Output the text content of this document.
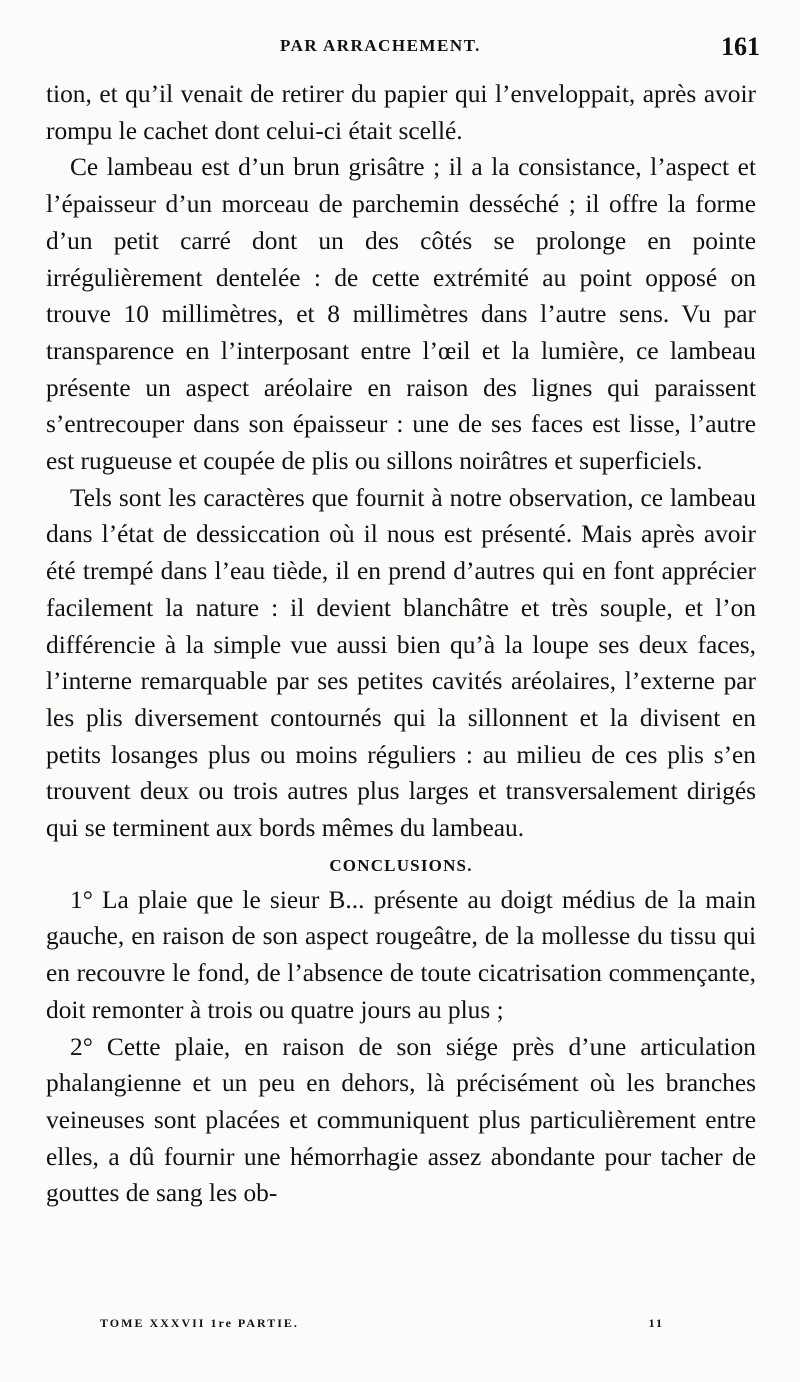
PAR ARRACHEMENT.	161

tion, et qu’il venait de retirer du papier qui l’enveloppait, après avoir rompu le cachet dont celui-ci était scellé.

Ce lambeau est d’un brun grisâtre ; il a la consistance, l’aspect et l’épaisseur d’un morceau de parchemin desséché ; il offre la forme d’un petit carré dont un des côtés se prolonge en pointe irrégulièrement dentelée : de cette extrémité au point opposé on trouve 10 millimètres, et 8 millimètres dans l’autre sens. Vu par transparence en l’interposant entre l’œil et la lumière, ce lambeau présente un aspect aréolaire en raison des lignes qui paraissent s’entrecouper dans son épaisseur : une de ses faces est lisse, l’autre est rugueuse et coupée de plis ou sillons noirâtres et superficiels.

Tels sont les caractères que fournit à notre observation, ce lambeau dans l’état de dessiccation où il nous est présenté. Mais après avoir été trempé dans l’eau tiède, il en prend d’autres qui en font apprécier facilement la nature : il devient blanchâtre et très souple, et l’on différencie à la simple vue aussi bien qu’à la loupe ses deux faces, l’interne remarquable par ses petites cavités aréolaires, l’externe par les plis diversement contournés qui la sillonnent et la divisent en petits losanges plus ou moins réguliers : au milieu de ces plis s’en trouvent deux ou trois autres plus larges et transversalement dirigés qui se terminent aux bords mêmes du lambeau.

CONCLUSIONS.

1° La plaie que le sieur B... présente au doigt médius de la main gauche, en raison de son aspect rougeâtre, de la mollesse du tissu qui en recouvre le fond, de l’absence de toute cicatrisation commençante, doit remonter à trois ou quatre jours au plus ;

2° Cette plaie, en raison de son siége près d’une articulation phalangienne et un peu en dehors, là précisément où les branches veineuses sont placées et communiquent plus particulièrement entre elles, a dû fournir une hémorrhagie assez abondante pour tacher de gouttes de sang les ob-

TOME XXXVII 1re PARTIE.	11
